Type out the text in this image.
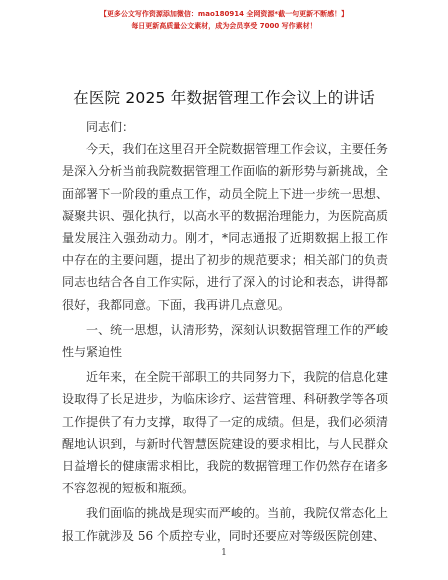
【更多公文写作资源添加微信：mao180914 全网资源*截一句更新不断感！】
每日更新高质量公文素材，成为会员享受 7000 写作素材！
在医院 2025 年数据管理工作会议上的讲话

同志们：

今天，我们在这里召开全院数据管理工作会议，主要任务是深入分析当前我院数据管理工作面临的新形势与新挑战，全面部署下一阶段的重点工作，动员全院上下进一步统一思想、凝聚共识、强化执行，以高水平的数据治理能力，为医院高质量发展注入强劲动力。刚才，*同志通报了近期数据上报工作中存在的主要问题，提出了初步的规范要求；相关部门的负责同志也结合各自工作实际，进行了深入的讨论和表态，讲得都很好，我都同意。下面，我再讲几点意见。

一、统一思想，认清形势，深刻认识数据管理工作的严峻性与紧迫性

近年来，在全院干部职工的共同努力下，我院的信息化建设取得了长足进步，为临床诊疗、运营管理、科研教学等各项工作提供了有力支撑，取得了一定的成绩。但是，我们必须清醒地认识到，与新时代智慧医院建设的要求相比，与人民群众日益增长的健康需求相比，我院的数据管理工作仍然存在诸多不容忽视的短板和瓶颈。

我们面临的挑战是现实而严峻的。当前，我院仅常态化上报工作就涉及 56 个质控专业，同时还要应对等级医院创建、

1
